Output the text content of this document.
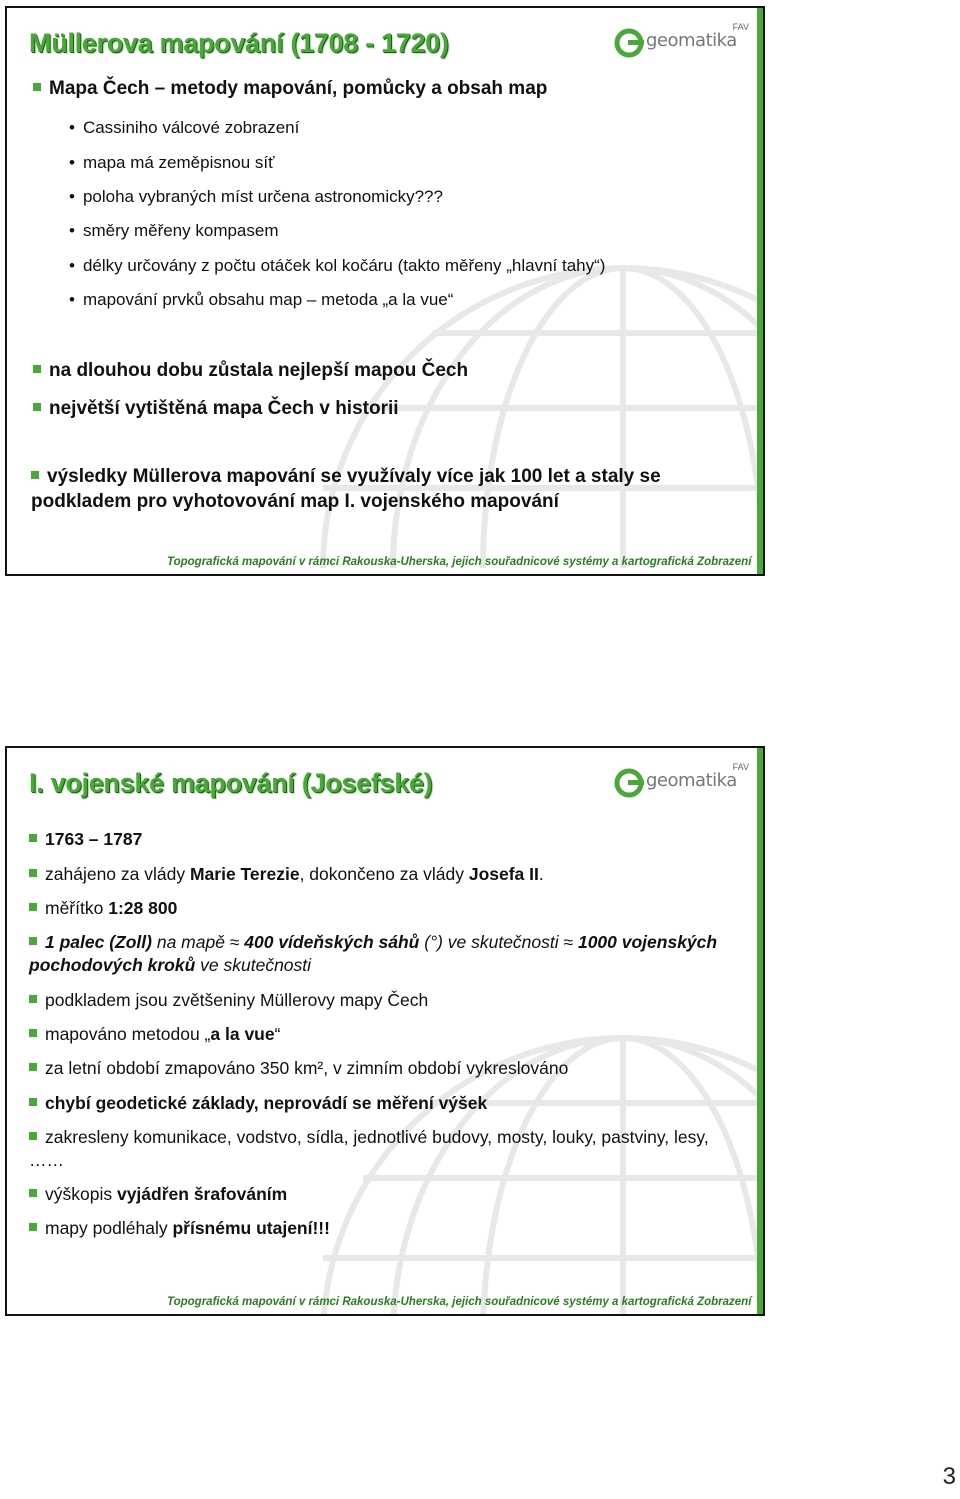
Müllerova mapování (1708 - 1720)	geomatika
FAV
Mapa Čech – metody mapování, pomůcky a obsah map
• Cassiniho válcové zobrazení
• mapa má zeměpisnou síť
• poloha vybraných míst určena astronomicky???
• směry měřeny kompasem
• délky určovány z počtu otáček kol kočáru (takto měřeny „hlavní tahy“)
• mapování prvků obsahu map – metoda „a la vue“
na dlouhou dobu zůstala nejlepší mapou Čech
největší vytištěná mapa Čech v historii
výsledky Müllerova mapování se využívaly více jak 100 let a staly se podkladem pro vyhotovování map I. vojenského mapování
Topografická mapování v rámci Rakouska-Uherska, jejich souřadnicové systémy a kartografická Zobrazení
I. vojenské mapování (Josefské)	geomatika
FAV
1763 – 1787
zahájeno za vlády Marie Terezie, dokončeno za vlády Josefa II.
měřítko 1:28 800
1 palec (Zoll) na mapě ≈ 400 vídeňských sáhů (°) ve skutečnosti ≈ 1000 vojenských pochodových kroků ve skutečnosti
podkladem jsou zvětšeniny Müllerovy mapy Čech
mapováno metodou „a la vue“
za letní období zmapováno 350 km², v zimním období vykreslováno
chybí geodetické základy, neprovádí se měření výšek
zakresleny komunikace, vodstvo, sídla, jednotlivé budovy, mosty, louky, pastviny, lesy, ……
výškopis vyjádřen šrafováním
mapy podléhaly přísnému utajení!!!
Topografická mapování v rámci Rakouska-Uherska, jejich souřadnicové systémy a kartografická Zobrazení
3
